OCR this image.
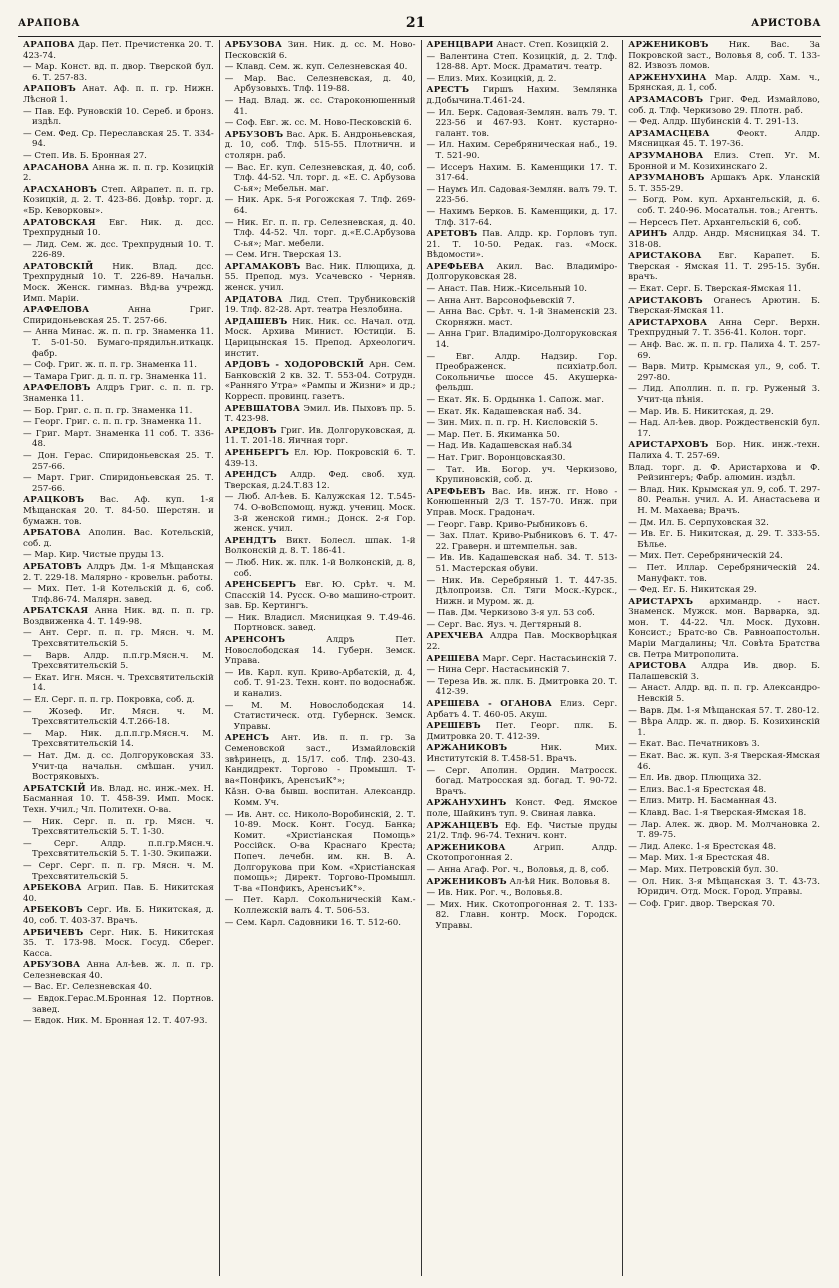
АРАПОВА	21	АРИСТОВА
АРАПОВА Дар. Пет. Пречистенка 20. Т. 423-74.
— Мар. Конст. вд. п. двор. Тверской бул. 6. Т. 257-83.
АРАПОВЪ Анат. Аф. п. п. гр. Нижн. Лѣсной 1.
— Пав. Еф. Руновскій 10. Сереб. и бронз. издѣл.
— Сем. Фед. Ср. Переславская 25. Т. 334-94.
— Степ. Ив. Б. Бронная 27.
АРАСАНОВА Анна ж. п. п. гр. Козицкій 2.
АРАСХАНОВЪ Степ. Айрапет. п. п. гр. Козицкій, д. 2. Т. 423-86. Довѣр. торг. д. «Бр. Кеворковы».
АРАТОВСКАЯ Евг. Ник. д. дсс. Трехпрудный 10.
— Лид. Сем. ж. дсс. Трехпрудный 10. Т. 226-89.
АРАТОВСКІЙ Ник. Влад. дсс. Трехпрудный 10. Т. 226-89. Начальн. Моск. Женск. гимназ. Вѣд-ва учрежд. Имп. Маріи.
АРАФЕЛОВА Анна Григ. Спиридоньевская 25. Т. 257-66.
— Анна Минас. ж. п. п. гр. Знаменка 11. Т. 5-01-50. Бумаго-прядильн.иткацк. фабр.
— Соф. Григ. ж. п. п. гр. Знаменка 11.
— Тамара Григ. д. п. п. гр. Знаменка 11.
АРАФЕЛОВЪ Алдръ Григ. с. п. п. гр. Знаменка 11.
— Бор. Григ. с. п. п. гр. Знаменка 11.
— Георг. Григ. с. п. п. гр. Знаменка 11.
— Григ. Март. Знаменка 11 соб. Т. 336-48.
— Дон. Герас. Спиридоньевская 25. Т. 257-66.
— Март. Григ. Спиридоньевская 25. Т. 257-66.
АРАЦКОВЪ Вас. Аф. куп. 1-я Мѣщанская 20. Т. 84-50. Шерстян. и бумажн. тов.
АРБАТОВА Аполин. Вас. Котельскій, соб. д.
— Мар. Кир. Чистые пруды 13.
АРБАТОВЪ Алдръ Дм. 1-я Мѣщанская 2. Т. 229-18. Малярно - кровельн. работы.
— Мих. Пет. 1-й Котельскій д. 6, соб. Тлф.86-74. Малярн. завед.
АРБАТСКАЯ Анна Ник. вд. п. п. гр. Воздвиженка 4. Т. 149-98.
— Ант. Серг. п. п. гр. Мясн. ч. М. Трехсвятительскій 5.
— Варв. Алдр. п.п.гр.Мясн.ч. М. Трехсвятительскій 5.
— Екат. Игн. Мясн. ч. Трехсвятительскій 14.
— Ел. Серг. п. п. гр. Покровка, соб. д.
— Жозеф. Иг. Мясн. ч. М. Трехсвятительскій 4.Т.266-18.
— Мар. Ник. д.п.п.гр.Мясн.ч. М. Трехсвятительскій 14.
— Нат. Дм. д. сс. Долгоруковская 33. Учит-ца начальн. смѣшан. учил. Востряковыхъ.
АРБАТСКІЙ Ив. Влад. нс. инж.-мех. Н. Басманная 10. Т. 458-39. Имп. Моск. Техн. Учил.; Чл. Политехн. О-ва.
— Ник. Серг. п. п. гр. Мясн. ч. Трехсвятительскій 5. Т. 1-30.
— Серг. Алдр. п.п.гр.Мясн.ч. Трехсвятительскій 5. Т. 1-30. Экипажи.
— Серг. Серг. п. п. гр. Мясн. ч. М. Трехсвятительскій 5.
АРБЕКОВА Агрип. Пав. Б. Никитская 40.
АРБЕКОВЪ Серг. Ив. Б. Никитская, д. 40, соб. Т. 403-37. Врачъ.
АРБИЧЕВЪ Серг. Ник. Б. Никитская 35. Т. 173-98. Моск. Госуд. Сберег. Касса.
АРБУЗОВА Анна Ал-ѣев. ж. л. п. гр. Селезневская 40.
— Вас. Ег. Селезневская 40.
— Евдок.Герас.М.Бронная 12. Портнов. завед.
— Евдок. Ник. М. Бронная 12. Т. 407-93.
АРБУЗОВА Зин. Ник. д. сс. М. Ново-Песковскій 6.
— Клавд. Сем. ж. куп. Селезневская 40.
— Мар. Вас. Селезневская, д. 40, Арбузовыхъ. Тлф. 119-88.
— Над. Влад. ж. сс. Староконюшенный 41.
— Соф. Евг. ж. сс. М. Ново-Песковскій 6.
АРБУЗОВЪ Вас. Арк. Б. Андроньевская, д. 10, соб. Тлф. 515-55. Плотничн. и столярн. раб.
— Вас. Ег. куп. Селезневская, д. 40, соб. Тлф. 44-52. Чл. торг. д. «Е. С. Арбузова С-ья»; Мебельн. маг.
— Ник. Арк. 5-я Рогожская 7. Тлф. 269-64.
— Ник. Ег. п. п. гр. Селезневская, д. 40. Тлф. 44-52. Чл. торг. д.«Е.С.Арбузова С-ья»; Маг. мебели.
— Сем. Игн. Тверская 13.
АРГАМАКОВЪ Вас. Ник. Плющиха, д. 55. Препод. муз. Усачевско - Черняв. женск. учил.
АРДАТОВА Лид. Степ. Трубниковскій 19. Тлф. 82-28. Арт. театра Незлобина.
АРДАШЕВЪ Ник. Ник. сс. Начал. отд. Моск. Архива Минист. Юстиціи. Б. Царицынская 15. Препод. Археологич. инстит.
АРДОВЪ - ХОДОРОВСКІЙ Арн. Сем. Банковскій 2 кв. 32. Т. 553-04. Сотрудн. «Ранняго Утра» «Рампы и Жизни» и др.; Корресп. провинц. газетъ.
АРЕВШАТОВА Эмил. Ив. Пыховъ пр. 5. Т. 423-98.
АРЕДОВЪ Григ. Ив. Долгоруковская, д. 11. Т. 201-18. Яичная торг.
АРЕНБЕРГЪ Ел. Юр. Покровскій 6. Т. 439-13.
АРЕНДСЪ Алдр. Фед. своб. худ. Тверская, д.24.Т.83 12.
— Люб. Ал-ѣев. Б. Калужская 12. Т.545-74. О-воВспомощ. нужд. учениц. Моск. 3-й женской гимн.; Донск. 2-я Гор. женск. учил.
АРЕНДТЪ Викт. Болесл. шпак. 1-й Волконскій д. 8. Т. 186-41.
— Люб. Ник. ж. плк. 1-й Волконскій, д. 8, соб.
АРЕНСБЕРГЪ Евг. Ю. Срѣт. ч. М. Спасскій 14. Русск. О-во машино-строит. зав. Бр. Кертингъ.
— Ник. Владисл. Мясницкая 9. Т.49-46. Портновск. завед.
АРЕНСОНЪ Алдръ Пет. Новослободская 14. Губерн. Земск. Управа.
— Ив. Карл. куп. Криво-Арбатскій, д. 4, соб. Т. 91-23. Техн. конт. по водоснабж. и канализ.
— М. М. Новослободская 14. Статистическ. отд. Губернск. Земск. Управы.
АРЕНСЪ Ант. Ив. п. п. гр. За Семеновской заст., Измайловскій звѣринецъ, д. 15/17. соб. Тлф. 230-43. Кандидрект. Торгово - Промышл. Т-ва«Понфикъ, АренсъиК°»;
Кăзн. О-ва бывш. воспитан. Александр. Комм. Уч.
— Ив. Ант. сс. Николо-Воробинскій, 2. Т. 10-89. Моск. Конт. Госуд. Банка; Комит. «Христіанская Помощь» Россійск. О-ва Краснаго Креста; Попеч. лечебн. им. кн. В. А. Долгорукова при Ком. «Христіанская помощь»; Директ. Торгово-Промышл. Т-ва «Понфикъ, АренсъиК°».
— Пет. Карл. Сокольническій Кам.-Коллежскій валъ 4. Т. 506-53.
— Сем. Карл. Садовники 16. Т. 512-60.
АРЕНЦВАРИ Анаст. Степ. Козицкій 2.
— Валентина Степ. Козицкій, д. 2. Тлф. 128-88. Арт. Моск. Драматич. театр.
— Елиз. Мих. Козицкій, д. 2.
АРЕСТЪ Гиршъ Нахим. Землянка д.Добычина.Т.461-24.
— Ил. Берк. Садовая-Землян. валъ 79. Т. 223-56 и 467-93. Конт. кустарно-галант. тов.
— Ил. Нахим. Серебряническая наб., 19. Т. 521-90.
— Иссеръ Нахим. Б. Каменщики 17. Т. 317-64.
— Наумъ Ил. Садовая-Землян. валъ 79. Т. 223-56.
— Нахимъ Берков. Б. Каменщики, д. 17. Тлф. 317-64.
АРЕТОВЪ Пав. Алдр. кр. Горловъ туп. 21. Т. 10-50. Редак. газ. «Моск. Вѣдомости».
АРЕФЬЕВА Акил. Вас. Владиміро-Долгоруковская 28.
— Анаст. Пав. Ниж.-Кисельный 10.
— Анна Ант. Варсонофьевскій 7.
— Анна Вас. Срѣт. ч. 1-й Знаменскій 23. Скорняжн. маст.
— Анна Григ. Владиміро-Долгоруковская 14.
— Евг. Алдр. Надзир. Гор. Преображенск. психіатр.бол. Сокольничье шоссе 45. Акушерка-фельдш.
— Екат. Як. Б. Ордынка 1. Сапож. маг.
— Екат. Як. Кадашевская наб. 34.
— Зин. Мих. п. п. гр. Н. Кисловскій 5.
— Мар. Пет. Б. Якиманка 50.
— Над. Ив. Кадашевская наб.34
— Нат. Григ. Воронцовская30.
— Тат. Ив. Богор. уч. Черкизово, Крупиновскій, соб. д.
АРЕФЬЕВЪ Вас. Ив. инж. гг. Ново - Конюшенный 2/3 Т. 157-70. Инж. при Управ. Моск. Градонач.
— Георг. Гавр. Криво-Рыбниковъ 6.
— Зах. Плат. Криво-Рыбниковъ 6. Т. 47-22. Граверн. и штемпельн. зав.
— Ив. Ив. Кадашевская наб. 34. Т. 513-51. Мастерская обуви.
— Ник. Ив. Серебряный 1. Т. 447-35. Дѣлопроизв. Сл. Тяги Моск.-Курск., Нижн. и Муром. ж. д.
— Пав. Дм. Черкизово 3-я ул. 53 соб.
— Серг. Вас. Яуз. ч. Дегтярный 8.
АРЕХЧЕВА Алдра Пав. Москворѣцкая 22.
АРЕШЕВА Марг. Серг. Настасьинскій 7.
— Нина Серг. Настасьинскій 7.
— Тереза Ив. ж. плк. Б. Дмитровка 20. Т. 412-39.
АРЕШЕВА - ОГАНОВА Елиз. Серг. Арбатъ 4. Т. 460-05. Акуш.
АРЕШЕВЪ Пет. Георг. плк. Б. Дмитровка 20. Т. 412-39.
АРЖАНИКОВЪ Ник. Мих. Институтскій 8. Т.458-51. Врачъ.
— Серг. Аполин. Ордин. Матросск. богад. Матросская зд. богад. Т. 90-72. Врачъ.
АРЖАНУХИНЪ Конст. Фед. Ямское поле, Шайкинъ туп. 9. Свиная лавка.
АРЖАНЦЕВЪ Еф. Еф. Чистые пруды 21/2. Тлф. 96-74. Технич. конт.
АРЖЕНИКОВА Агрип. Алдр. Скотопрогонная 2.
— Анна Агаф. Рог. ч., Воловья, д. 8, соб.
АРЖЕНИКОВЪ Ал-ѣй Ник. Воловья 8.
— Ив. Ник. Рог. ч., Воловья.8.
— Мих. Ник. Скотопрогонная 2. Т. 133-82. Главн. контр. Моск. Городск. Управы.
АРЖЕНИКОВЪ Ник. Вас. За Покровской заст., Воловья 8, соб. Т. 133-82. Извозъ ломов.
АРЖЕНУХИНА Мар. Алдр. Хам. ч., Брянская, д. 1, соб.
АРЗАМАСОВЪ Григ. Фед. Измайлово, соб. д. Тлф. Черкизово 29. Плотн. раб.
— Фед. Алдр. Шубинскій 4. Т. 291-13.
АРЗАМАСЦЕВА Феокт. Алдр. Мясницкая 45. Т. 197-36.
АРЗУМАНОВА Елиз. Степ. Уг. М. Бронной и М. Козихинскаго 2.
АРЗУМАНОВЪ Аршакъ Арк. Уланскій 5. Т. 355-29.
— Богд. Ром. куп. Архангельскій, д. 6. соб. Т. 240-96. Мосатальн. тов.; Агентъ.
— Нерсесъ Пет. Архангельскій 6, соб.
АРИНЪ Алдр. Андр. Мясницкая 34. Т. 318-08.
АРИСТАКОВА Евг. Карапет. Б. Тверская - Ямская 11. Т. 295-15. Зубн. врачъ.
— Екат. Серг. Б. Тверская-Ямская 11.
АРИСТАКОВЪ Оганесъ Арютин. Б. Тверская-Ямская 11.
АРИСТАРХОВА Анна Серг. Верхн. Трехпрудный 7. Т. 356-41. Колон. торг.
— Анф. Вас. ж. п. п. гр. Палиха 4. Т. 257-69.
— Варв. Митр. Крымская ул., 9, соб. Т. 297-80.
— Лид. Аполлин. п. п. гр. Руженый 3. Учит-ца пѣнія.
— Мар. Ив. Б. Никитская, д. 29.
— Над. Ал-ѣев. двор. Рождественскій бул. 17.
АРИСТАРХОВЪ Бор. Ник. инж.-техн. Палиха 4. Т. 257-69.
Влад. торг. д. Ф. Аристархова и Ф. Рейзингеръ; Фабр. алюмин. издѣл.
— Влад. Ник. Крымская ул. 9, соб. Т. 297-80. Реальн. учил. А. И. Анастасьева и Н. М. Махаева; Врачъ.
— Дм. Ил. Б. Серпуховская 32.
— Ив. Ег. Б. Никитская, д. 29. Т. 333-55. Бѣлье.
— Мих. Пет. Серебряническій 24.
— Пет. Иллар. Серебряническій 24. Мануфакт. тов.
— Фед. Ег. Б. Никитская 29.
АРИСТАРХЪ архимандр. - наст. Знаменск. Мужск. мон. Варварка, зд. мон. Т. 44-22. Чл. Моск. Духовн. Консист.; Братс-во Св. Равноапостольн. Маріи Магдалины; Чл. Совѣта Братства св. Петра Митрополита.
АРИСТОВА Алдра Ив. двор. Б. Палашевскій 3.
— Анаст. Алдр. вд. п. п. гр. Александро-Невскій 5.
— Варв. Дм. 1-я Мѣщанская 57. Т. 280-12.
— Вѣра Алдр. ж. п. двор. Б. Козихинскій 1.
— Екат. Вас. Печатниковъ 3.
— Екат. Вас. ж. куп. 3-я Тверская-Ямская 46.
— Ел. Ив. двор. Плющиха 32.
— Елиз. Вас.1-я Брестская 48.
— Елиз. Митр. Н. Басманная 43.
— Клавд. Вас. 1-я Тверская-Ямская 18.
— Лар. Алек. ж. двор. М. Молчановка 2. Т. 89-75.
— Лид. Алекс. 1-я Брестская 48.
— Мар. Мих. 1-я Брестская 48.
— Мар. Мих. Петровскій бул. 30.
— Ол. Ник. 3-я Мѣщанская 3. Т. 43-73. Юридич. Отд. Моск. Город. Управы.
— Соф. Григ. двор. Тверская 70.
